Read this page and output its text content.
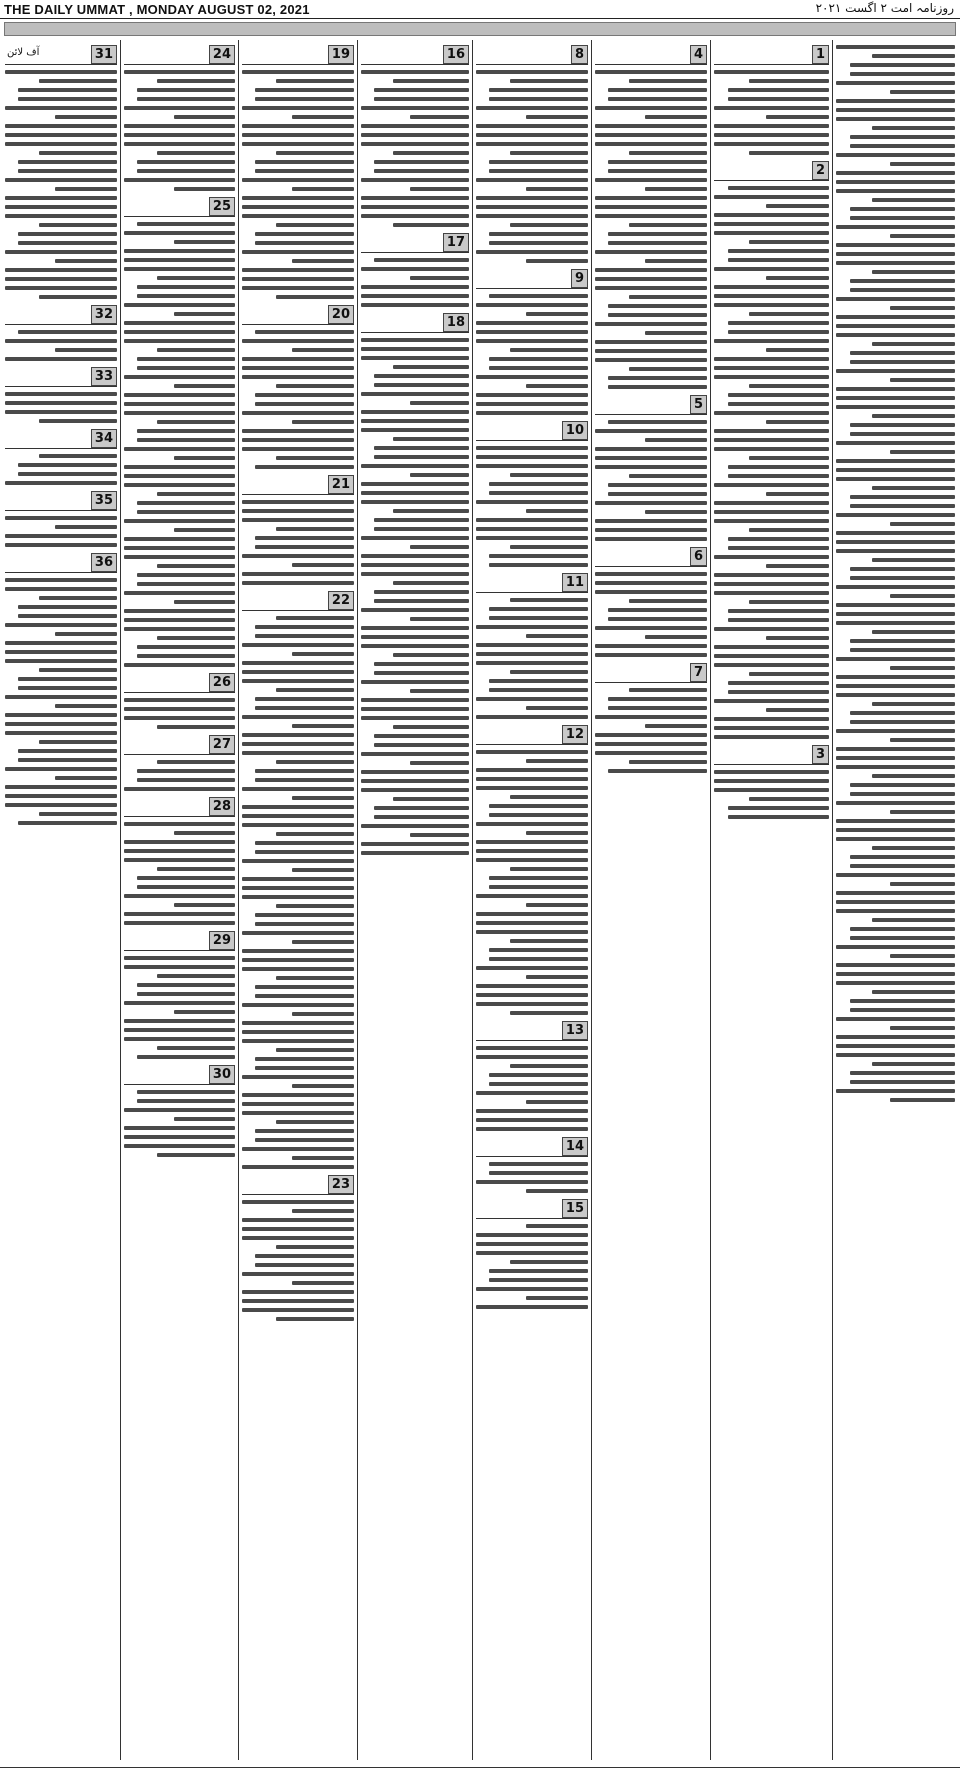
THE DAILY UMMAT , MONDAY AUGUST 02, 2021	روزنامہ امت ۲ اگست ۲۰۲۱
31
آف لائن
32
33
34
35
36
24
25
26
27
28
29
30
19
20
21
22
23
16
17
18
8
9
10
11
12
13
14
15
4
5
6
7
1
2
3
